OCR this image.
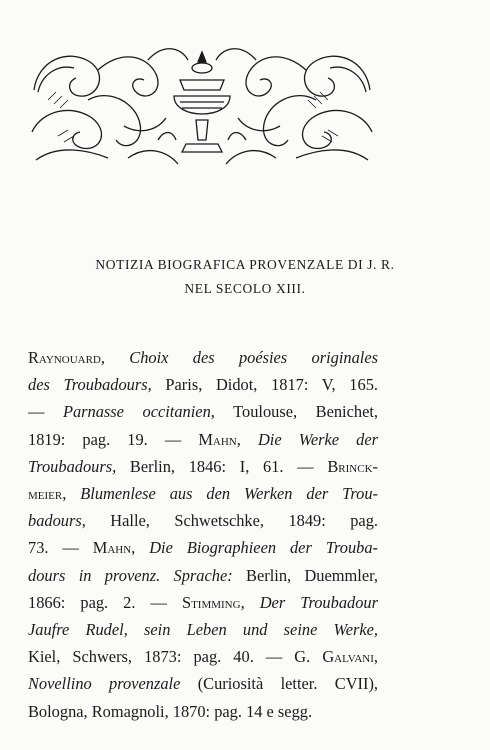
NOTIZIA BIOGRAFICA PROVENZALE DI J. R.
NEL SECOLO XIII.
Raynouard, Choix des poésies originales
des Troubadours, Paris, Didot, 1817: V, 165.
— Parnasse occitanien, Toulouse, Benichet,
1819: pag. 19. — Mahn, Die Werke der
Troubadours, Berlin, 1846: I, 61. — Brinck-
meier, Blumenlese aus den Werken der Trou-
badours, Halle, Schwetschke, 1849: pag.
73. — Mahn, Die Biographieen der Trouba-
dours in provenz. Sprache: Berlin, Duemmler,
1866: pag. 2. — Stimming, Der Troubadour
Jaufre Rudel, sein Leben und seine Werke,
Kiel, Schwers, 1873: pag. 40. — G. Galvani,
Novellino provenzale (Curiosità letter. CVII),
Bologna, Romagnoli, 1870: pag. 14 e segg.
